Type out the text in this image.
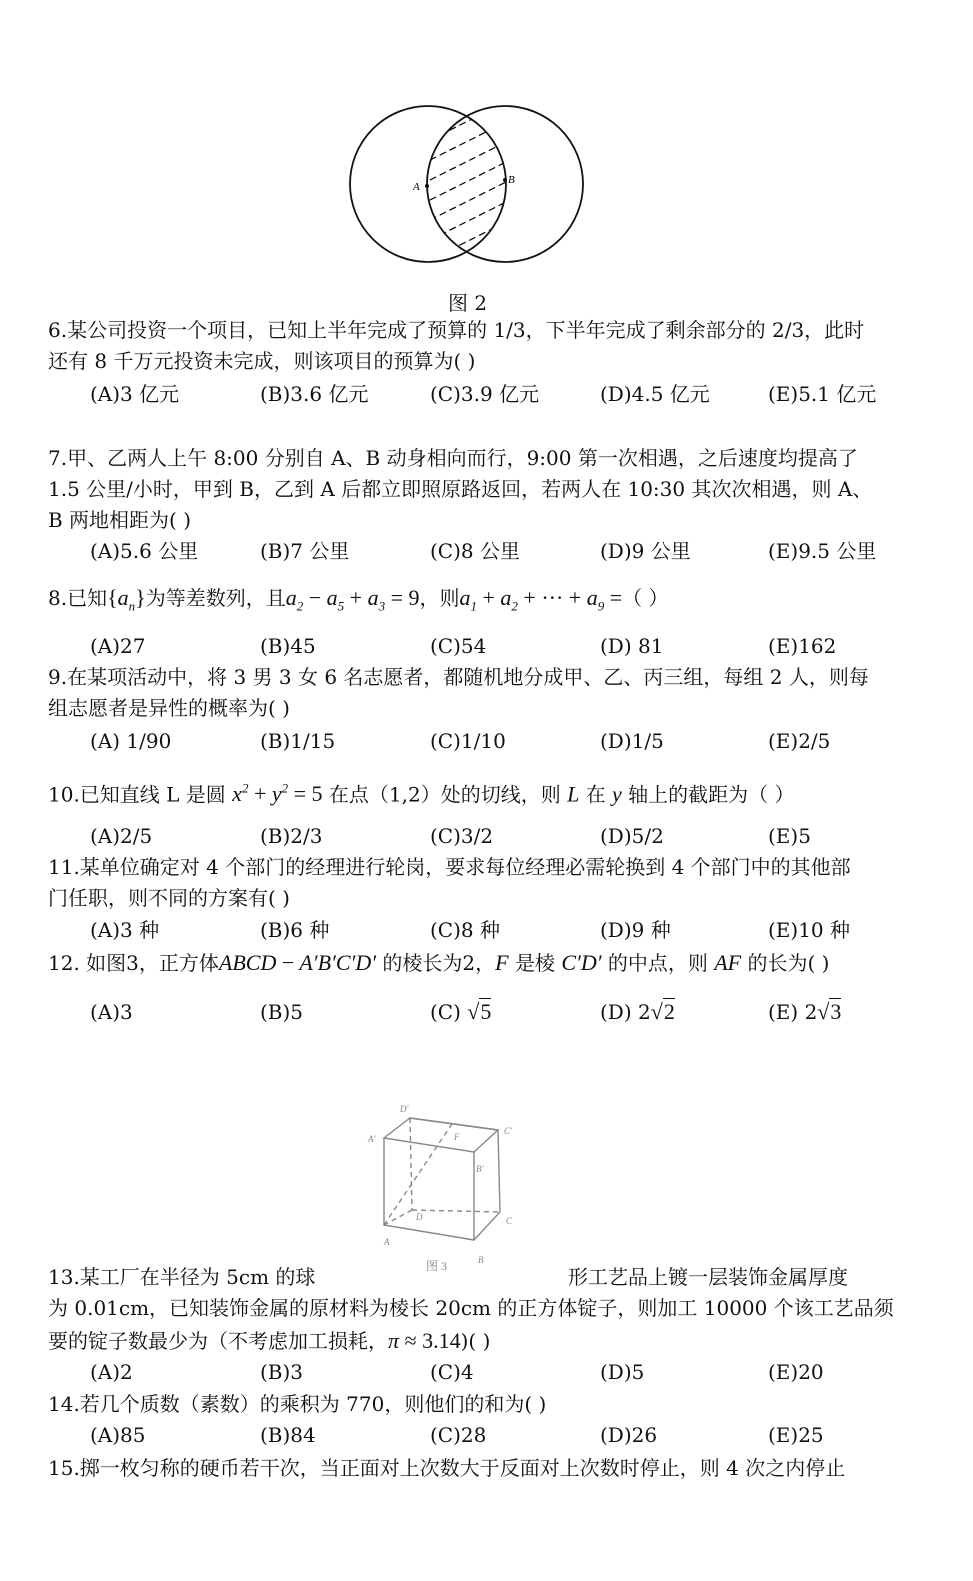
A
B
图 2
6.某公司投资一个项目，已知上半年完成了预算的 1/3，下半年完成了剩余部分的 2/3，此时
还有 8 千万元投资未完成，则该项目的预算为( )
(A)3 亿元	(B)3.6 亿元	(C)3.9 亿元	(D)4.5 亿元	(E)5.1 亿元
7.甲、乙两人上午 8:00 分别自 A、B 动身相向而行，9:00 第一次相遇，之后速度均提高了
1.5 公里/小时，甲到 B，乙到 A 后都立即照原路返回，若两人在 10:30 其次次相遇，则 A、
B 两地相距为( )
(A)5.6 公里	(B)7 公里	(C)8 公里	(D)9 公里	(E)9.5 公里
8.已知$\{a_n\}$为等差数列，且$a_2 - a_5 + a_3 = 9$，则$a_1 + a_2$ + ··· + $a_9$ =（ ）
(A)27	(B)45	(C)54	(D) 81	(E)162
9.在某项活动中，将 3 男 3 女 6 名志愿者，都随机地分成甲、乙、丙三组，每组 2 人，则每
组志愿者是异性的概率为( )
(A) 1/90	(B)1/15	(C)1/10	(D)1/5	(E)2/5
10.已知直线 L 是圆 $x^2 + y^2 = 5$ 在点（1,2）处的切线，则 L 在 y 轴上的截距为（ ）
(A)2/5	(B)2/3	(C)3/2	(D)5/2	(E)5
11.某单位确定对 4 个部门的经理进行轮岗，要求每位经理必需轮换到 4 个部门中的其他部
门任职，则不同的方案有( )
(A)3 种	(B)6 种	(C)8 种	(D)9 种	(E)10 种
12. 如图3，正方体ABCD − A′B′C′D′ 的棱长为2，F 是棱 C′D′ 的中点，则 AF 的长为( )
(A)3	(B)5	(C) √5	(D) 2√2	(E) 2√3
D'
A'	F
C'
B'
D	C
A
B
图 3
13.某工厂在半径为 5cm 的球	形工艺品上镀一层装饰金属厚度
为 0.01cm，已知装饰金属的原材料为棱长 20cm 的正方体锭子，则加工 10000 个该工艺品须
要的锭子数最少为（不考虑加工损耗，π ≈ 3.14)( )
(A)2	(B)3	(C)4	(D)5	(E)20
14.若几个质数（素数）的乘积为 770，则他们的和为( )
(A)85	(B)84	(C)28	(D)26	(E)25
15.掷一枚匀称的硬币若干次，当正面对上次数大于反面对上次数时停止，则 4 次之内停止
